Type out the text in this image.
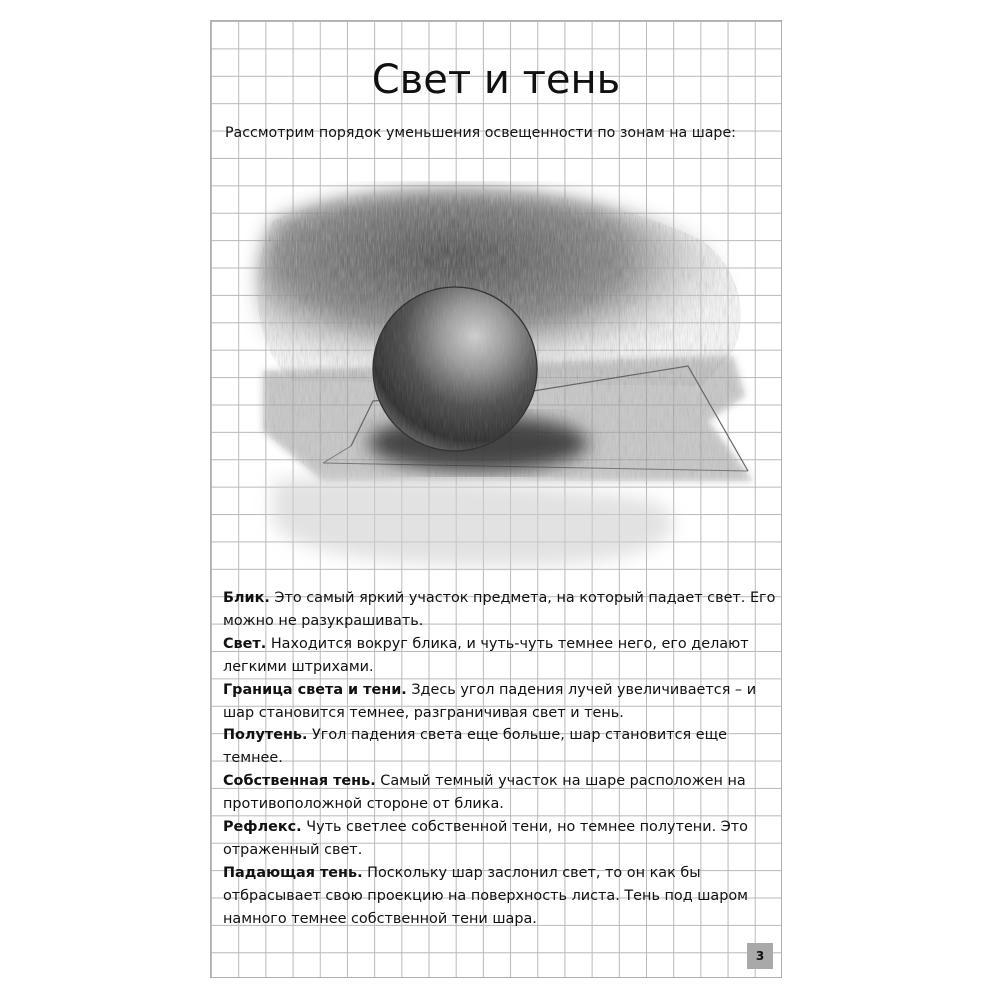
Свет и тень
Рассмотрим порядок уменьшения освещенности по зонам на шаре:

Блик. Это самый яркий участок предмета, на который падает свет. Его можно не разукрашивать.

Свет. Находится вокруг блика, и чуть-чуть темнее него, его делают легкими штрихами.

Граница света и тени. Здесь угол падения лучей увеличивается – и шар становится темнее, разграничивая свет и тень.

Полутень. Угол падения света еще больше, шар становится еще темнее.

Собственная тень. Самый темный участок на шаре расположен на противоположной стороне от блика.

Рефлекс. Чуть светлее собственной тени, но темнее полутени. Это отраженный свет.

Падающая тень. Поскольку шар заслонил свет, то он как бы отбрасывает свою проекцию на поверхность листа. Тень под шаром намного темнее собственной тени шара.

3
